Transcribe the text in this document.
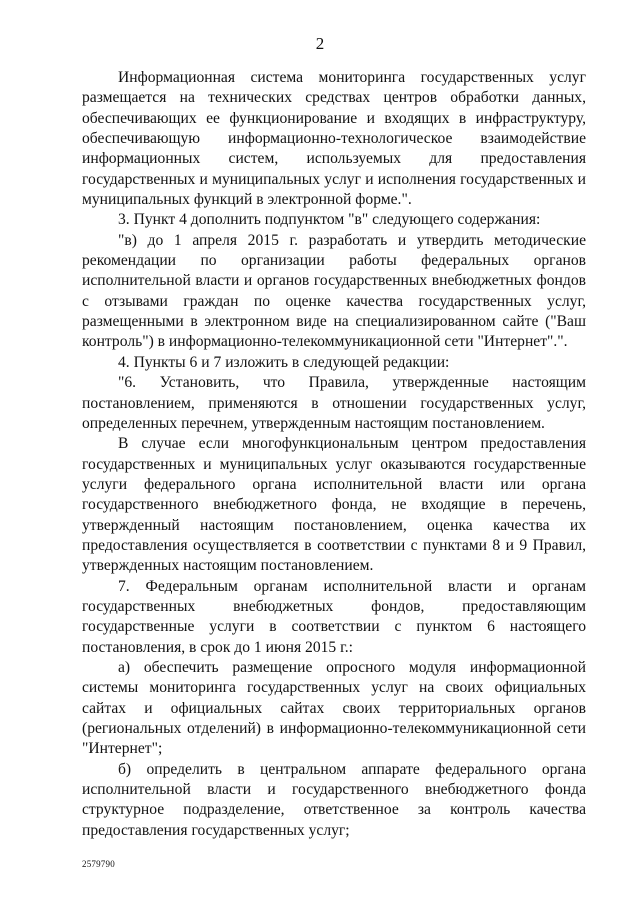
2

Информационная система мониторинга государственных услуг размещается на технических средствах центров обработки данных, обеспечивающих ее функционирование и входящих в инфраструктуру, обеспечивающую информационно-технологическое взаимодействие информационных систем, используемых для предоставления государственных и муниципальных услуг и исполнения государственных и муниципальных функций в электронной форме.".

3. Пункт 4 дополнить подпунктом "в" следующего содержания:

"в) до 1 апреля 2015 г. разработать и утвердить методические рекомендации по организации работы федеральных органов исполнительной власти и органов государственных внебюджетных фондов с отзывами граждан по оценке качества государственных услуг, размещенными в электронном виде на специализированном сайте ("Ваш контроль") в информационно-телекоммуникационной сети "Интернет".".

4. Пункты 6 и 7 изложить в следующей редакции:

"6. Установить, что Правила, утвержденные настоящим постановлением, применяются в отношении государственных услуг, определенных перечнем, утвержденным настоящим постановлением.

В случае если многофункциональным центром предоставления государственных и муниципальных услуг оказываются государственные услуги федерального органа исполнительной власти или органа государственного внебюджетного фонда, не входящие в перечень, утвержденный настоящим постановлением, оценка качества их предоставления осуществляется в соответствии с пунктами 8 и 9 Правил, утвержденных настоящим постановлением.

7. Федеральным органам исполнительной власти и органам государственных внебюджетных фондов, предоставляющим государственные услуги в соответствии с пунктом 6 настоящего постановления, в срок до 1 июня 2015 г.:

а) обеспечить размещение опросного модуля информационной системы мониторинга государственных услуг на своих официальных сайтах и официальных сайтах своих территориальных органов (региональных отделений) в информационно-телекоммуникационной сети "Интернет";

б) определить в центральном аппарате федерального органа исполнительной власти и государственного внебюджетного фонда структурное подразделение, ответственное за контроль качества предоставления государственных услуг;

2579790
